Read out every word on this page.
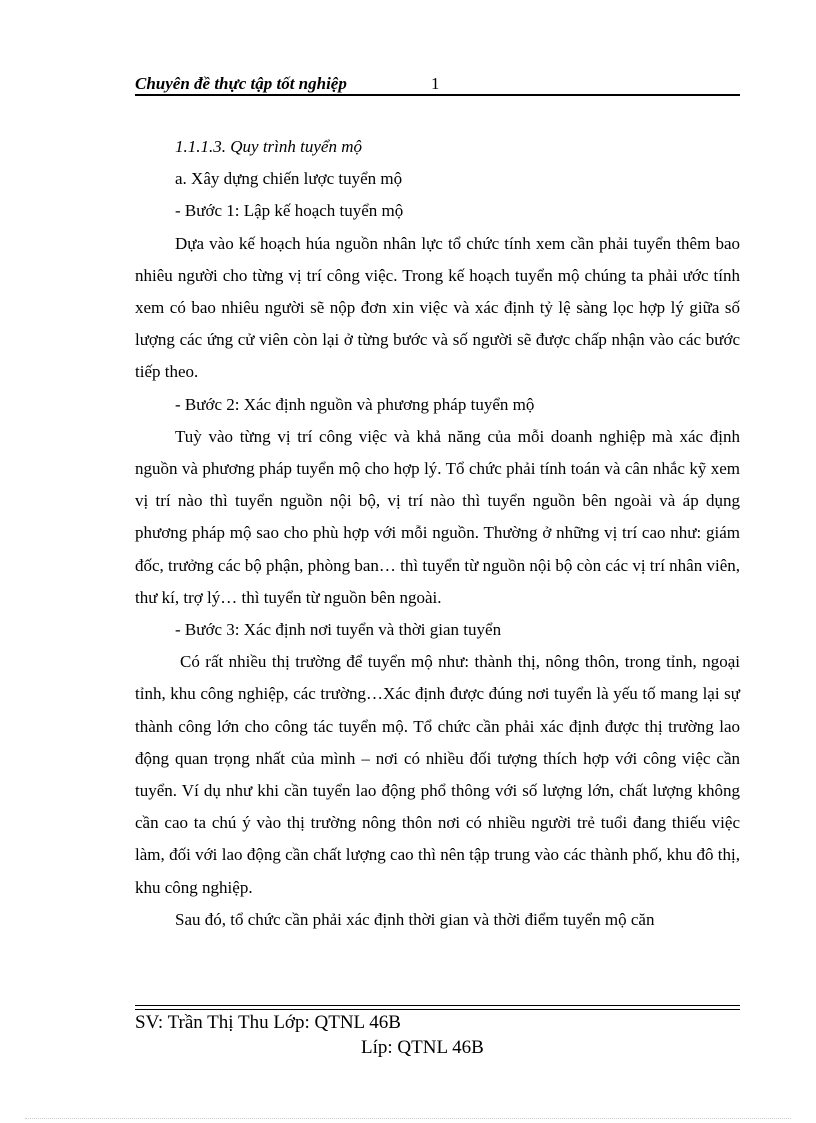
Chuyên đề thực tập tốt nghiệp	1

1.1.1.3. Quy trình tuyển mộ

a. Xây dựng chiến lược tuyển mộ

- Bước 1: Lập kế hoạch tuyển mộ

Dựa vào kế hoạch húa nguồn nhân lực tổ chức tính xem cần phải tuyển thêm bao nhiêu người cho từng vị trí công việc. Trong kế hoạch tuyển mộ chúng ta phải ước tính xem có bao nhiêu người sẽ nộp đơn xin việc và xác định tỷ lệ sàng lọc hợp lý giữa số lượng các ứng cử viên còn lại ở từng bước và số người sẽ được chấp nhận vào các bước tiếp theo.

- Bước 2: Xác định nguồn và phương pháp tuyển mộ

Tuỳ vào từng vị trí công việc và khả năng của mỗi doanh nghiệp mà xác định nguồn và phương pháp tuyển mộ cho hợp lý. Tổ chức phải tính toán và cân nhắc kỹ xem vị trí nào thì tuyển nguồn nội bộ, vị trí nào thì tuyển nguồn bên ngoài và áp dụng phương pháp mộ sao cho phù hợp với mỗi nguồn. Thường ở những vị trí cao như: giám đốc, trưởng các bộ phận, phòng ban… thì tuyển từ nguồn nội bộ còn các vị trí nhân viên, thư kí, trợ lý… thì tuyển từ nguồn bên ngoài.

- Bước 3: Xác định nơi tuyển và thời gian tuyển

Có rất nhiều thị trường để tuyển mộ như: thành thị, nông thôn, trong tỉnh, ngoại tỉnh, khu công nghiệp, các trường…Xác định được đúng nơi tuyển là yếu tố mang lại sự thành công lớn cho công tác tuyển mộ. Tổ chức cần phải xác định được thị trường lao động quan trọng nhất của mình – nơi có nhiều đối tượng thích hợp với công việc cần tuyển. Ví dụ như khi cần tuyển lao động phổ thông với số lượng lớn, chất lượng không cần cao ta chú ý vào thị trường nông thôn nơi có nhiều người trẻ tuổi đang thiếu việc làm, đối với lao động cần chất lượng cao thì nên tập trung vào các thành phố, khu đô thị, khu công nghiệp.

Sau đó, tổ chức cần phải xác định thời gian và thời điểm tuyển mộ căn

SV: Trần Thị Thu Lớp: QTNL 46B
Líp: QTNL 46B
